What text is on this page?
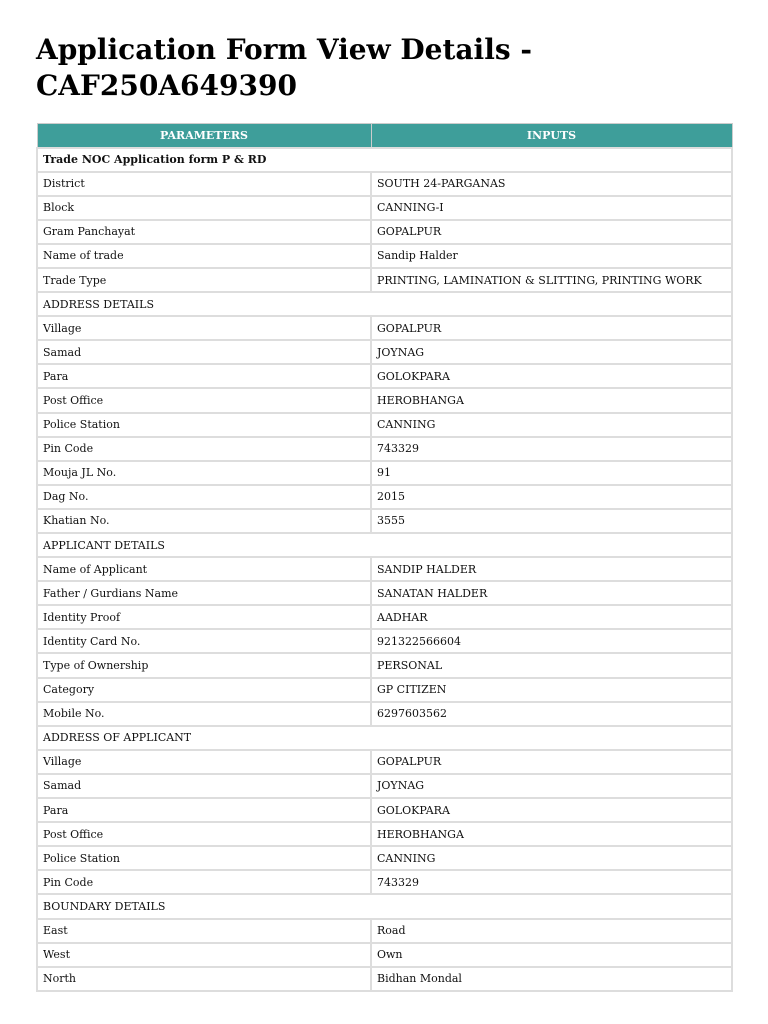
Application Form View Details - CAF250A649390
PARAMETERS	INPUTS
Trade NOC Application form P & RD	
District	SOUTH 24-PARGANAS
Block	CANNING-I
Gram Panchayat	GOPALPUR
Name of trade	Sandip Halder
Trade Type	PRINTING, LAMINATION & SLITTING, PRINTING WORK
ADDRESS DETAILS	
Village	GOPALPUR
Samad	JOYNAG
Para	GOLOKPARA
Post Office	HEROBHANGA
Police Station	CANNING
Pin Code	743329
Mouja JL No.	91
Dag No.	2015
Khatian No.	3555
APPLICANT DETAILS	
Name of Applicant	SANDIP HALDER
Father / Gurdians Name	SANATAN HALDER
Identity Proof	AADHAR
Identity Card No.	921322566604
Type of Ownership	PERSONAL
Category	GP CITIZEN
Mobile No.	6297603562
ADDRESS OF APPLICANT	
Village	GOPALPUR
Samad	JOYNAG
Para	GOLOKPARA
Post Office	HEROBHANGA
Police Station	CANNING
Pin Code	743329
BOUNDARY DETAILS	
East	Road
West	Own
North	Bidhan Mondal
